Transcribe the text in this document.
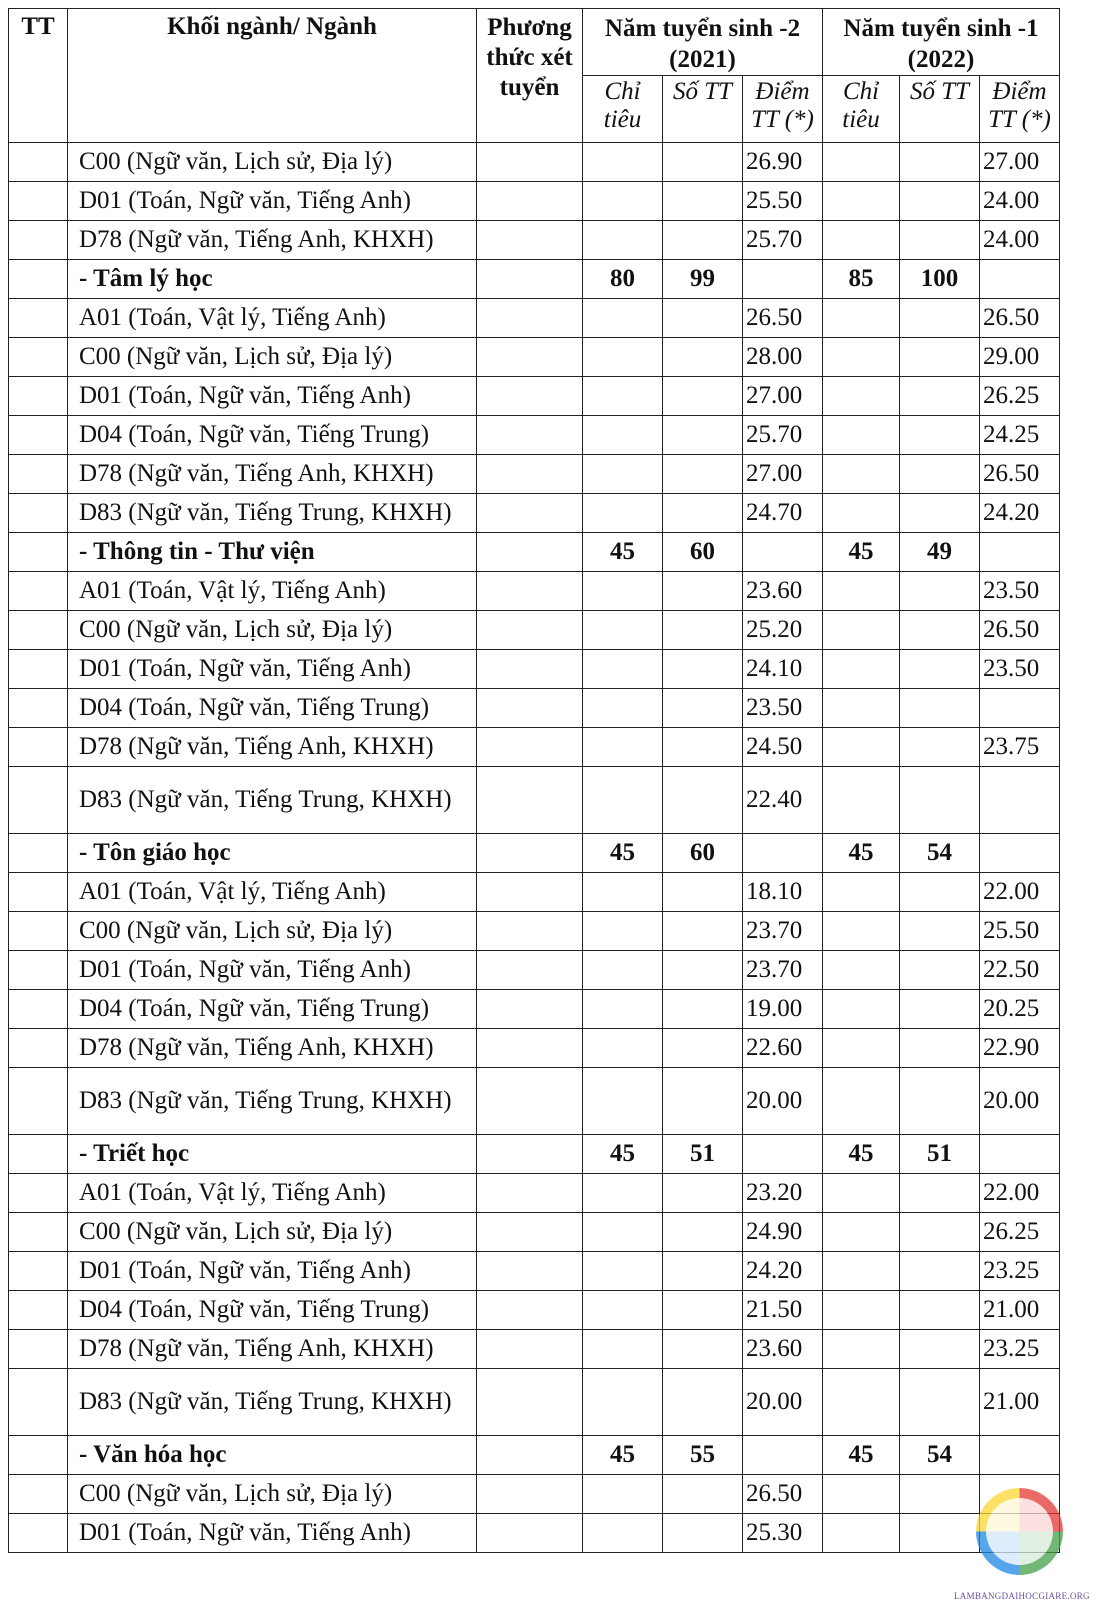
TT	Khối ngành/ Ngành	Phương thức xét tuyển	Năm tuyển sinh -2 (2021)			Năm tuyển sinh -1 (2022)		
			Chỉ tiêu	Số TT	Điểm TT (*)	Chỉ tiêu	Số TT	Điểm TT (*)
	C00 (Ngữ văn, Lịch sử, Địa lý)				26.90			27.00
	D01 (Toán, Ngữ văn, Tiếng Anh)				25.50			24.00
	D78 (Ngữ văn, Tiếng Anh, KHXH)				25.70			24.00
	- Tâm lý học		80	99		85	100	
	A01 (Toán, Vật lý, Tiếng Anh)				26.50			26.50
	C00 (Ngữ văn, Lịch sử, Địa lý)				28.00			29.00
	D01 (Toán, Ngữ văn, Tiếng Anh)				27.00			26.25
	D04 (Toán, Ngữ văn, Tiếng Trung)				25.70			24.25
	D78 (Ngữ văn, Tiếng Anh, KHXH)				27.00			26.50
	D83 (Ngữ văn, Tiếng Trung, KHXH)				24.70			24.20
	- Thông tin - Thư viện		45	60		45	49	
	A01 (Toán, Vật lý, Tiếng Anh)				23.60			23.50
	C00 (Ngữ văn, Lịch sử, Địa lý)				25.20			26.50
	D01 (Toán, Ngữ văn, Tiếng Anh)				24.10			23.50
	D04 (Toán, Ngữ văn, Tiếng Trung)				23.50			
	D78 (Ngữ văn, Tiếng Anh, KHXH)				24.50			23.75
	D83 (Ngữ văn, Tiếng Trung, KHXH)				22.40			
	- Tôn giáo học		45	60		45	54	
	A01 (Toán, Vật lý, Tiếng Anh)				18.10			22.00
	C00 (Ngữ văn, Lịch sử, Địa lý)				23.70			25.50
	D01 (Toán, Ngữ văn, Tiếng Anh)				23.70			22.50
	D04 (Toán, Ngữ văn, Tiếng Trung)				19.00			20.25
	D78 (Ngữ văn, Tiếng Anh, KHXH)				22.60			22.90
	D83 (Ngữ văn, Tiếng Trung, KHXH)				20.00			20.00
	- Triết học		45	51		45	51	
	A01 (Toán, Vật lý, Tiếng Anh)				23.20			22.00
	C00 (Ngữ văn, Lịch sử, Địa lý)				24.90			26.25
	D01 (Toán, Ngữ văn, Tiếng Anh)				24.20			23.25
	D04 (Toán, Ngữ văn, Tiếng Trung)				21.50			21.00
	D78 (Ngữ văn, Tiếng Anh, KHXH)				23.60			23.25
	D83 (Ngữ văn, Tiếng Trung, KHXH)				20.00			21.00
	- Văn hóa học		45	55		45	54	
	C00 (Ngữ văn, Lịch sử, Địa lý)				26.50			
	D01 (Toán, Ngữ văn, Tiếng Anh)				25.30			
LAMBANGDAIHOCGIARE.ORG
